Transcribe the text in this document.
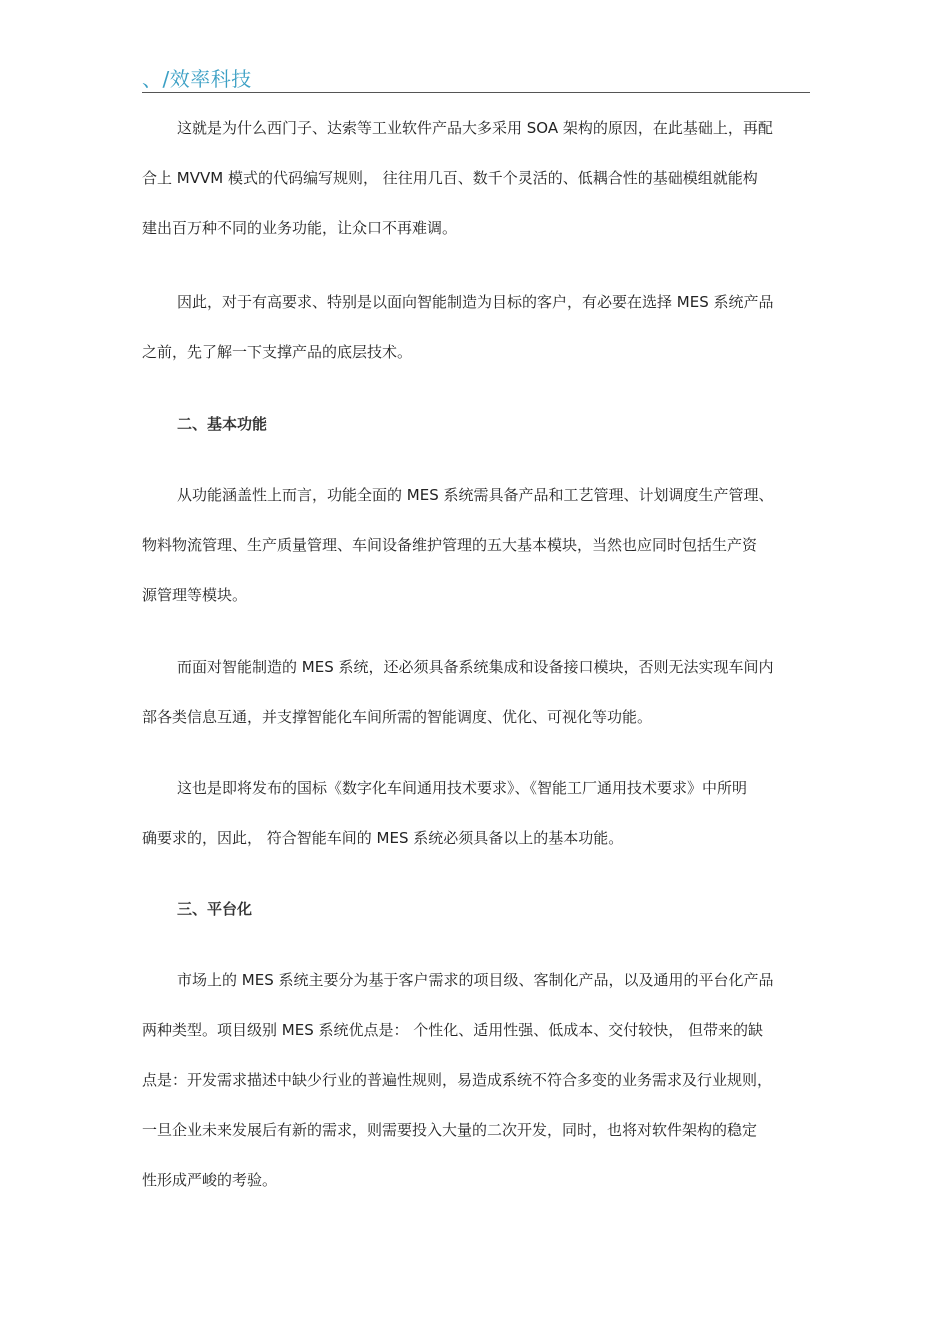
、/效率科技
这就是为什么西门子、达索等工业软件产品大多采用 SOA 架构的原因，在此基础上，再配
合上 MVVM 模式的代码编写规则， 往往用几百、数千个灵活的、低耦合性的基础模组就能构
建出百万种不同的业务功能，让众口不再难调。
因此，对于有高要求、特别是以面向智能制造为目标的客户，有必要在选择 MES 系统产品
之前，先了解一下支撑产品的底层技术。
二、基本功能
从功能涵盖性上而言，功能全面的 MES 系统需具备产品和工艺管理、计划调度生产管理、
物料物流管理、生产质量管理、车间设备维护管理的五大基本模块，当然也应同时包括生产资
源管理等模块。
而面对智能制造的 MES 系统，还必须具备系统集成和设备接口模块，否则无法实现车间内
部各类信息互通，并支撑智能化车间所需的智能调度、优化、可视化等功能。
这也是即将发布的国标《数字化车间通用技术要求》、《智能工厂通用技术要求》中所明
确要求的，因此， 符合智能车间的 MES 系统必须具备以上的基本功能。
三、平台化
市场上的 MES 系统主要分为基于客户需求的项目级、客制化产品，以及通用的平台化产品
两种类型。项目级别 MES 系统优点是： 个性化、适用性强、低成本、交付较快， 但带来的缺
点是：开发需求描述中缺少行业的普遍性规则，易造成系统不符合多变的业务需求及行业规则，
一旦企业未来发展后有新的需求，则需要投入大量的二次开发，同时，也将对软件架构的稳定
性形成严峻的考验。
